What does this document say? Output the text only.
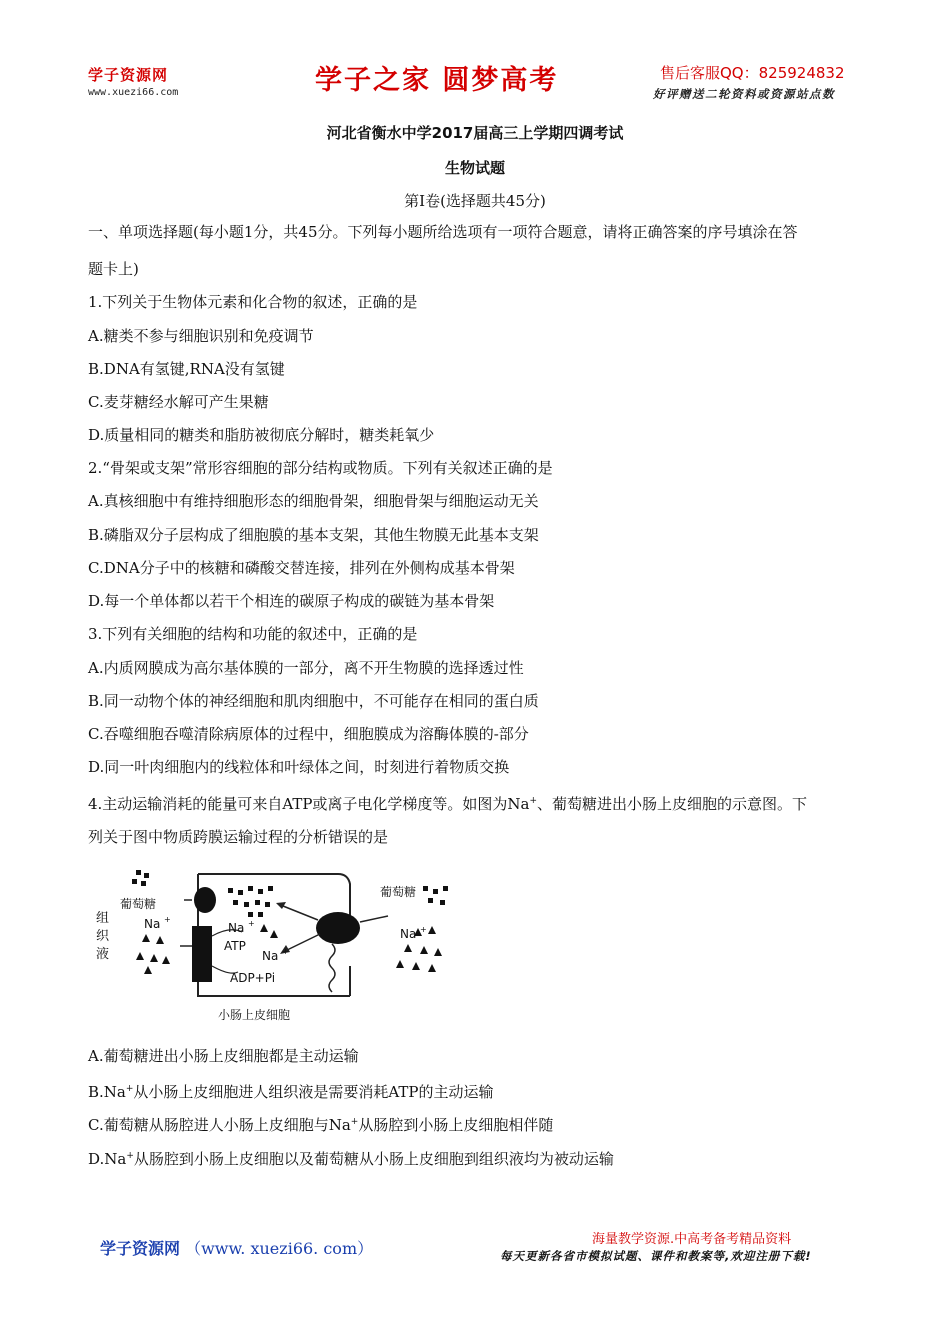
学子资源网
www.xuezi66.com	学子之家 圆梦高考	售后客服QQ：825924832
好评赠送二轮资料或资源站点数
河北省衡水中学2017届高三上学期四调考试
生物试题
第Ⅰ卷(选择题共45分)
一、单项选择题(每小题1分，共45分。下列每小题所给选项有一项符合题意，请将正确答案的序号填涂在答
题卡上)
1.下列关于生物体元素和化合物的叙述，正确的是
A.糖类不参与细胞识别和免疫调节
B.DNA有氢键,RNA没有氢键
C.麦芽糖经水解可产生果糖
D.质量相同的糖类和脂肪被彻底分解时，糖类耗氧少
2.“骨架或支架”常形容细胞的部分结构或物质。下列有关叙述正确的是
A.真核细胞中有维持细胞形态的细胞骨架，细胞骨架与细胞运动无关
B.磷脂双分子层构成了细胞膜的基本支架，其他生物膜无此基本支架
C.DNA分子中的核糖和磷酸交替连接，排列在外侧构成基本骨架
D.每一个单体都以若干个相连的碳原子构成的碳链为基本骨架
3.下列有关细胞的结构和功能的叙述中，正确的是
A.内质网膜成为高尔基体膜的一部分，离不开生物膜的选择透过性
B.同一动物个体的神经细胞和肌肉细胞中，不可能存在相同的蛋白质
C.吞噬细胞吞噬清除病原体的过程中，细胞膜成为溶酶体膜的-部分
D.同一叶肉细胞内的线粒体和叶绿体之间，时刻进行着物质交换
4.主动运输消耗的能量可来自ATP或离子电化学梯度等。如图为Na+、葡萄糖进出小肠上皮细胞的示意图。下
列关于图中物质跨膜运输过程的分析错误的是
葡萄糖
葡萄糖
组
织
液
Na +
Na +
ATP
Na +
ADP+Pi
Na +
小肠上皮细胞
A.葡萄糖进出小肠上皮细胞都是主动运输
B.Na+从小肠上皮细胞进人组织液是需要消耗ATP的主动运输
C.葡萄糖从肠腔进人小肠上皮细胞与Na+从肠腔到小肠上皮细胞相伴随
D.Na+从肠腔到小肠上皮细胞以及葡萄糖从小肠上皮细胞到组织液均为被动运输
学子资源网 （www. xuezi66. com）	海量教学资源.中高考备考精品资料
每天更新各省市模拟试题、课件和教案等,欢迎注册下载!
